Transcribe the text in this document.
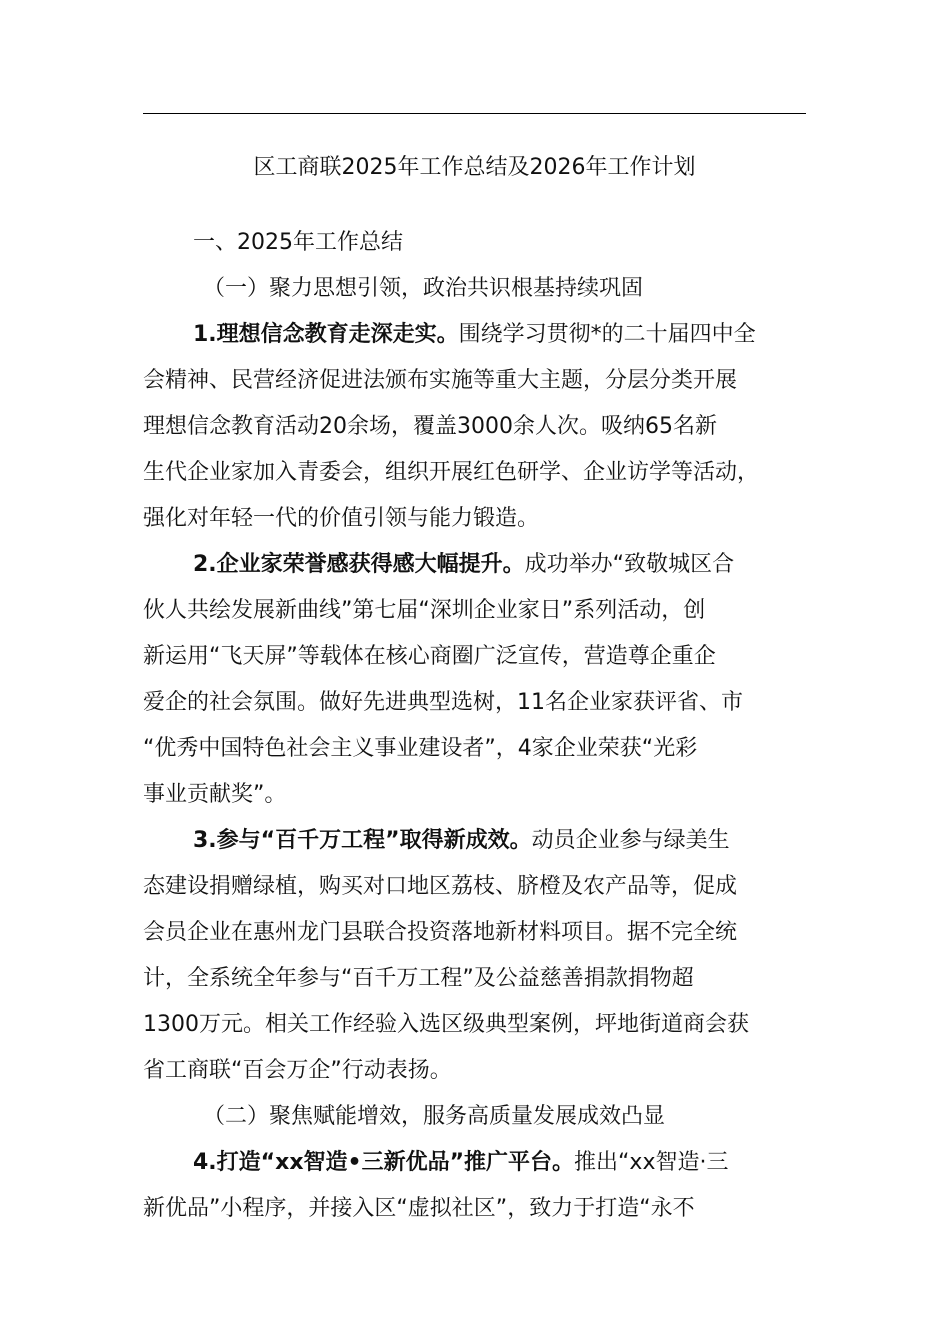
区工商联2025年工作总结及2026年工作计划
一、2025年工作总结
（一）聚力思想引领，政治共识根基持续巩固
1.理想信念教育走深走实。围绕学习贯彻*的二十届四中全
会精神、民营经济促进法颁布实施等重大主题，分层分类开展
理想信念教育活动20余场，覆盖3000余人次。吸纳65名新
生代企业家加入青委会，组织开展红色研学、企业访学等活动，
强化对年轻一代的价值引领与能力锻造。
2.企业家荣誉感获得感大幅提升。成功举办“致敬城区合
伙人共绘发展新曲线”第七届“深圳企业家日”系列活动，创
新运用“飞天屏”等载体在核心商圈广泛宣传，营造尊企重企
爱企的社会氛围。做好先进典型选树，11名企业家获评省、市
“优秀中国特色社会主义事业建设者”，4家企业荣获“光彩
事业贡献奖”。
3.参与“百千万工程”取得新成效。动员企业参与绿美生
态建设捐赠绿植，购买对口地区荔枝、脐橙及农产品等，促成
会员企业在惠州龙门县联合投资落地新材料项目。据不完全统
计，全系统全年参与“百千万工程”及公益慈善捐款捐物超
1300万元。相关工作经验入选区级典型案例，坪地街道商会获
省工商联“百会万企”行动表扬。
（二）聚焦赋能增效，服务高质量发展成效凸显
4.打造“xx智造•三新优品”推广平台。推出“xx智造·三
新优品”小程序，并接入区“虚拟社区”，致力于打造“永不
